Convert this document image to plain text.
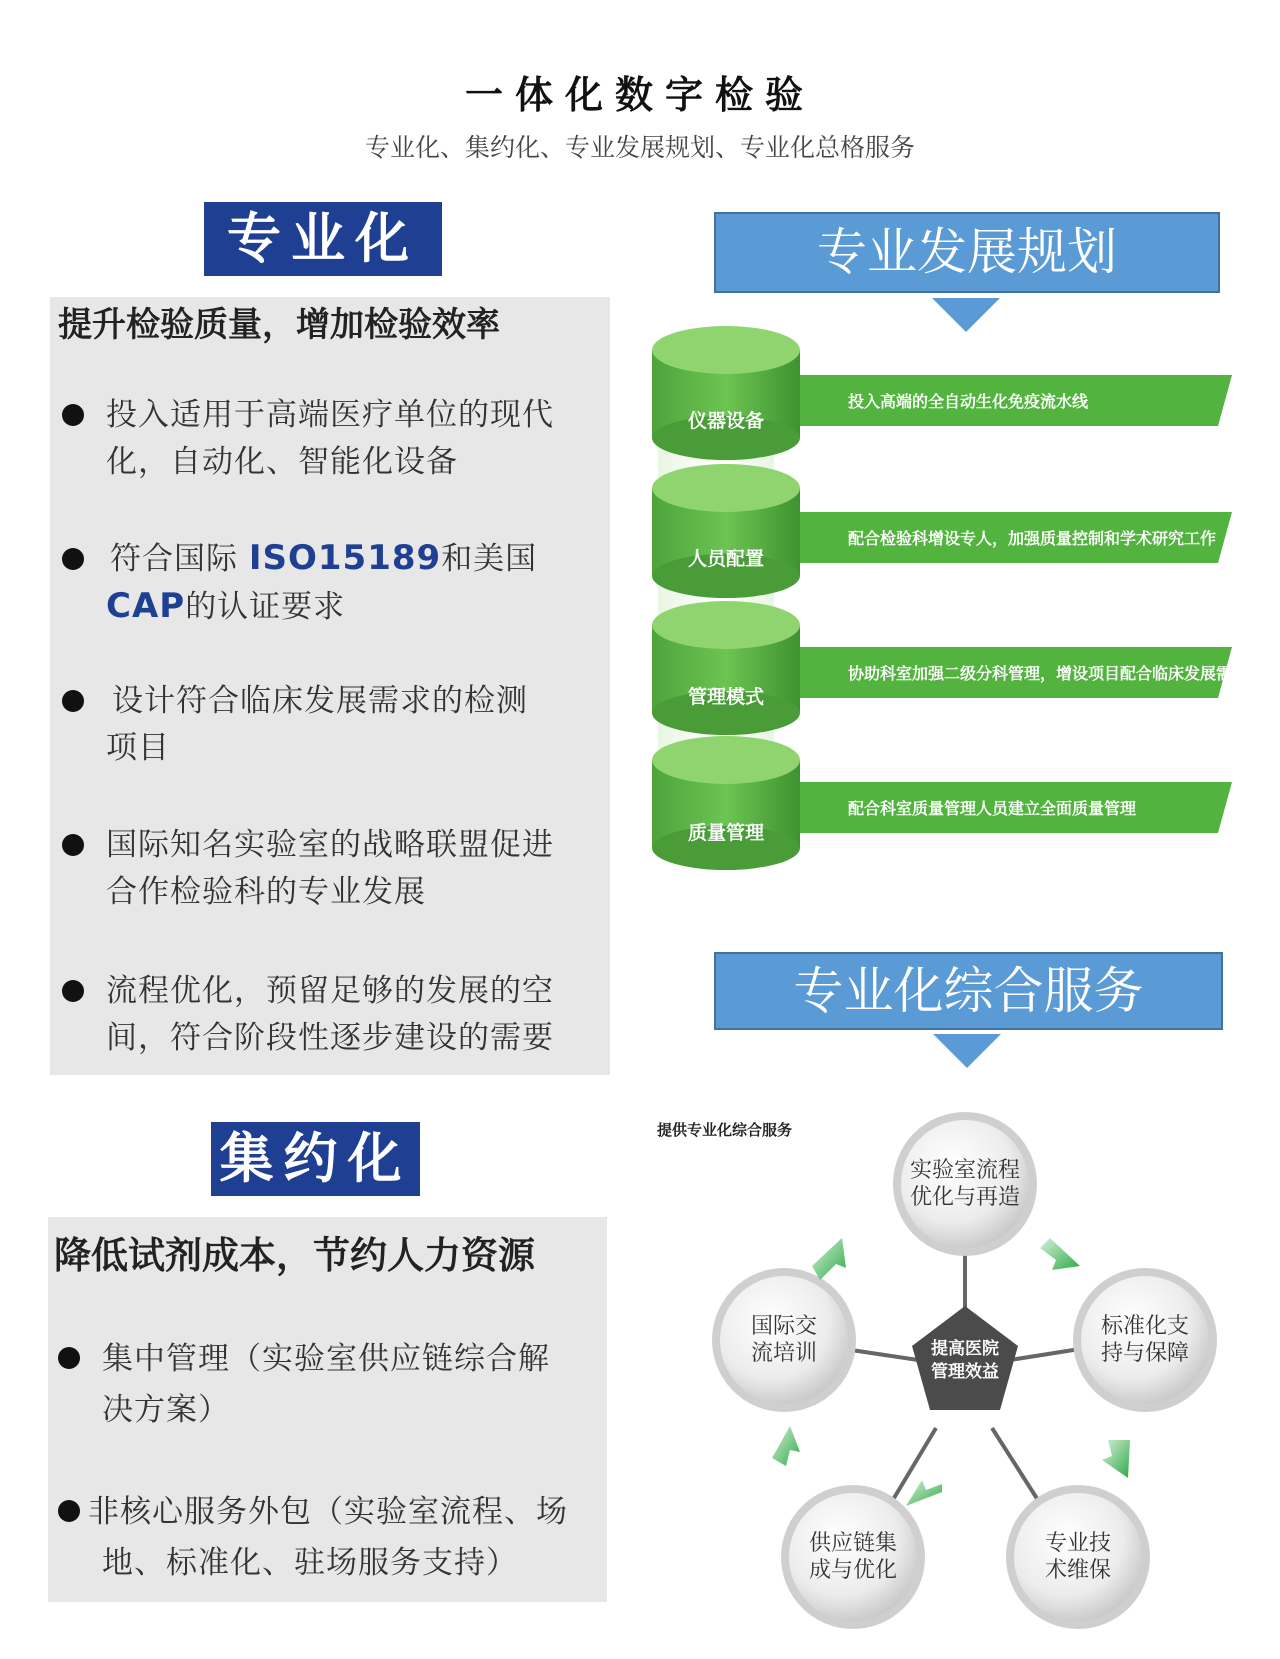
一体化数字检验
专业化、集约化、专业发展规划、专业化总格服务
专业化
提升检验质量，增加检验效率
投入适用于高端医疗单位的现代
化，自动化、智能化设备
符合国际 ISO15189和美国
CAP的认证要求
设计符合临床发展需求的检测
项目
国际知名实验室的战略联盟促进
合作检验科的专业发展
流程优化，预留足够的发展的空
间，符合阶段性逐步建设的需要
集约化
降低试剂成本，节约人力资源
集中管理（实验室供应链综合解
决方案）
非核心服务外包（实验室流程、场
地、标准化、驻场服务支持）
专业发展规划
仪器设备
人员配置
管理模式
质量管理
投入高端的全自动生化免疫流水线
配合检验科增设专人，加强质量控制和学术研究工作
协助科室加强二级分科管理，增设项目配合临床发展需要
配合科室质量管理人员建立全面质量管理
专业化综合服务
提供专业化综合服务
提高医院
管理效益
实验室流程
优化与再造
标准化支
持与保障
专业技
术维保
供应链集
成与优化
国际交
流培训
